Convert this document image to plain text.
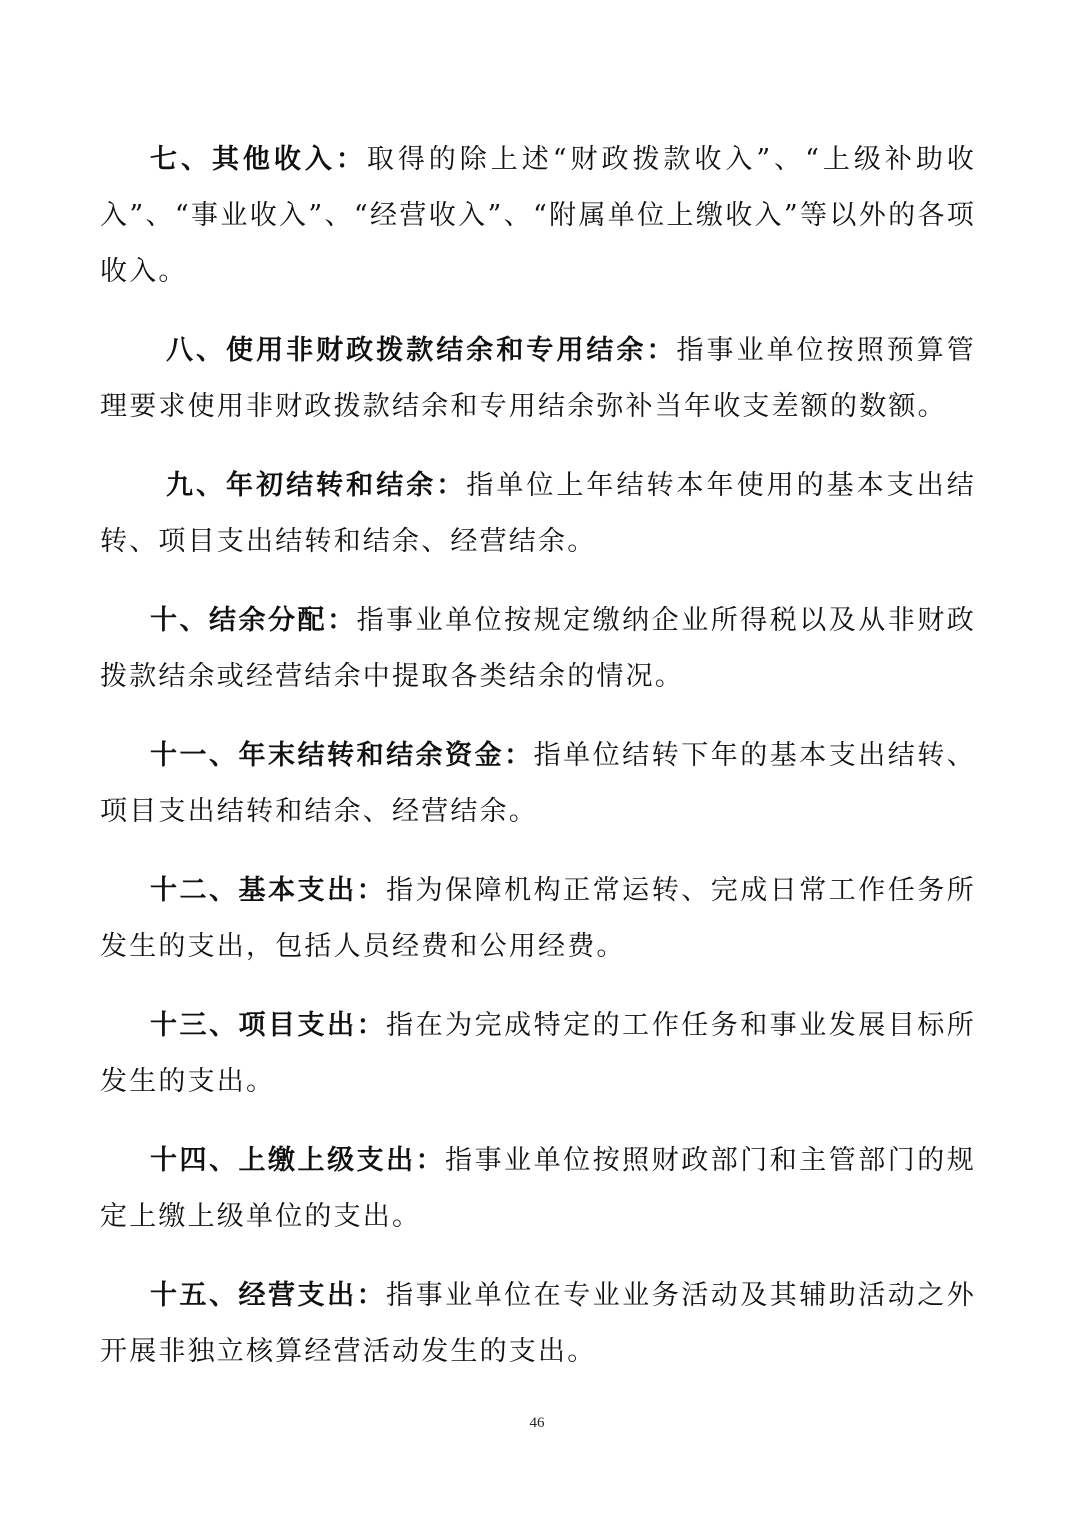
七、其他收入：取得的除上述“财政拨款收入”、“上级补助收入”、“事业收入”、“经营收入”、“附属单位上缴收入”等以外的各项收入。

八、使用非财政拨款结余和专用结余：指事业单位按照预算管理要求使用非财政拨款结余和专用结余弥补当年收支差额的数额。

九、年初结转和结余：指单位上年结转本年使用的基本支出结转、项目支出结转和结余、经营结余。

十、结余分配：指事业单位按规定缴纳企业所得税以及从非财政拨款结余或经营结余中提取各类结余的情况。

十一、年末结转和结余资金：指单位结转下年的基本支出结转、项目支出结转和结余、经营结余。

十二、基本支出：指为保障机构正常运转、完成日常工作任务所发生的支出，包括人员经费和公用经费。

十三、项目支出：指在为完成特定的工作任务和事业发展目标所发生的支出。

十四、上缴上级支出：指事业单位按照财政部门和主管部门的规定上缴上级单位的支出。

十五、经营支出：指事业单位在专业业务活动及其辅助活动之外开展非独立核算经营活动发生的支出。

46
